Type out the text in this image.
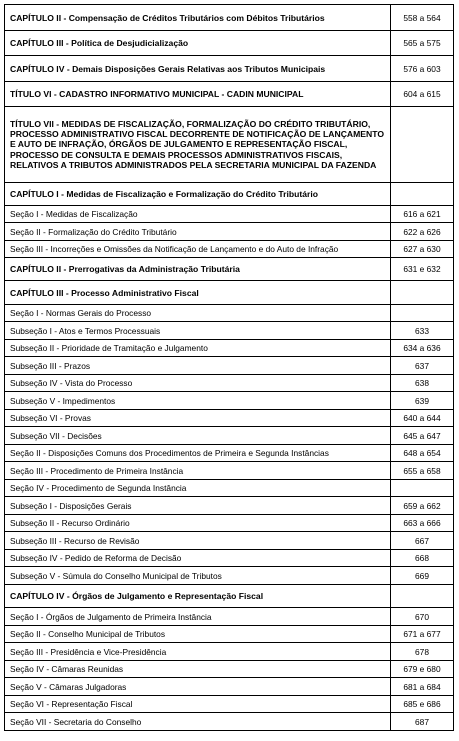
CAPÍTULO II - Compensação de Créditos Tributários com Débitos Tributários	558 a 564
CAPÍTULO III - Política de Desjudicialização	565 a 575
CAPÍTULO IV - Demais Disposições Gerais Relativas aos Tributos Municipais	576 a 603
TÍTULO VI - CADASTRO INFORMATIVO MUNICIPAL - CADIN MUNICIPAL	604 a 615
TÍTULO VII - MEDIDAS DE FISCALIZAÇÃO, FORMALIZAÇÃO DO CRÉDITO TRIBUTÁRIO, PROCESSO ADMINISTRATIVO FISCAL DECORRENTE DE NOTIFICAÇÃO DE LANÇAMENTO E AUTO DE INFRAÇÃO, ÓRGÃOS DE JULGAMENTO E REPRESENTAÇÃO FISCAL, PROCESSO DE CONSULTA E DEMAIS PROCESSOS ADMINISTRATIVOS FISCAIS, RELATIVOS A TRIBUTOS ADMINISTRADOS PELA SECRETARIA MUNICIPAL DA FAZENDA	
CAPÍTULO I - Medidas de Fiscalização e Formalização do Crédito Tributário	
Seção I - Medidas de Fiscalização	616 a 621
Seção II - Formalização do Crédito Tributário	622 a 626
Seção III - Incorreções e Omissões da Notificação de Lançamento e do Auto de Infração	627 a 630
CAPÍTULO II - Prerrogativas da Administração Tributária	631 e 632
CAPÍTULO III - Processo Administrativo Fiscal	
Seção I - Normas Gerais do Processo	
Subseção I - Atos e Termos Processuais	633
Subseção II - Prioridade de Tramitação e Julgamento	634 a 636
Subseção III - Prazos	637
Subseção IV - Vista do Processo	638
Subseção V - Impedimentos	639
Subseção VI - Provas	640 a 644
Subseção VII - Decisões	645 a 647
Seção II - Disposições Comuns dos Procedimentos de Primeira e Segunda Instâncias	648 a 654
Seção III - Procedimento de Primeira Instância	655 a 658
Seção IV - Procedimento de Segunda Instância	
Subseção I - Disposições Gerais	659 a 662
Subseção II - Recurso Ordinário	663 a 666
Subseção III - Recurso de Revisão	667
Subseção IV - Pedido de Reforma de Decisão	668
Subseção V - Súmula do Conselho Municipal de Tributos	669
CAPÍTULO IV - Órgãos de Julgamento e Representação Fiscal	
Seção I - Órgãos de Julgamento de Primeira Instância	670
Seção II - Conselho Municipal de Tributos	671 a 677
Seção III - Presidência e Vice-Presidência	678
Seção IV - Câmaras Reunidas	679 e 680
Seção V - Câmaras Julgadoras	681 a 684
Seção VI - Representação Fiscal	685 e 686
Seção VII - Secretaria do Conselho	687
